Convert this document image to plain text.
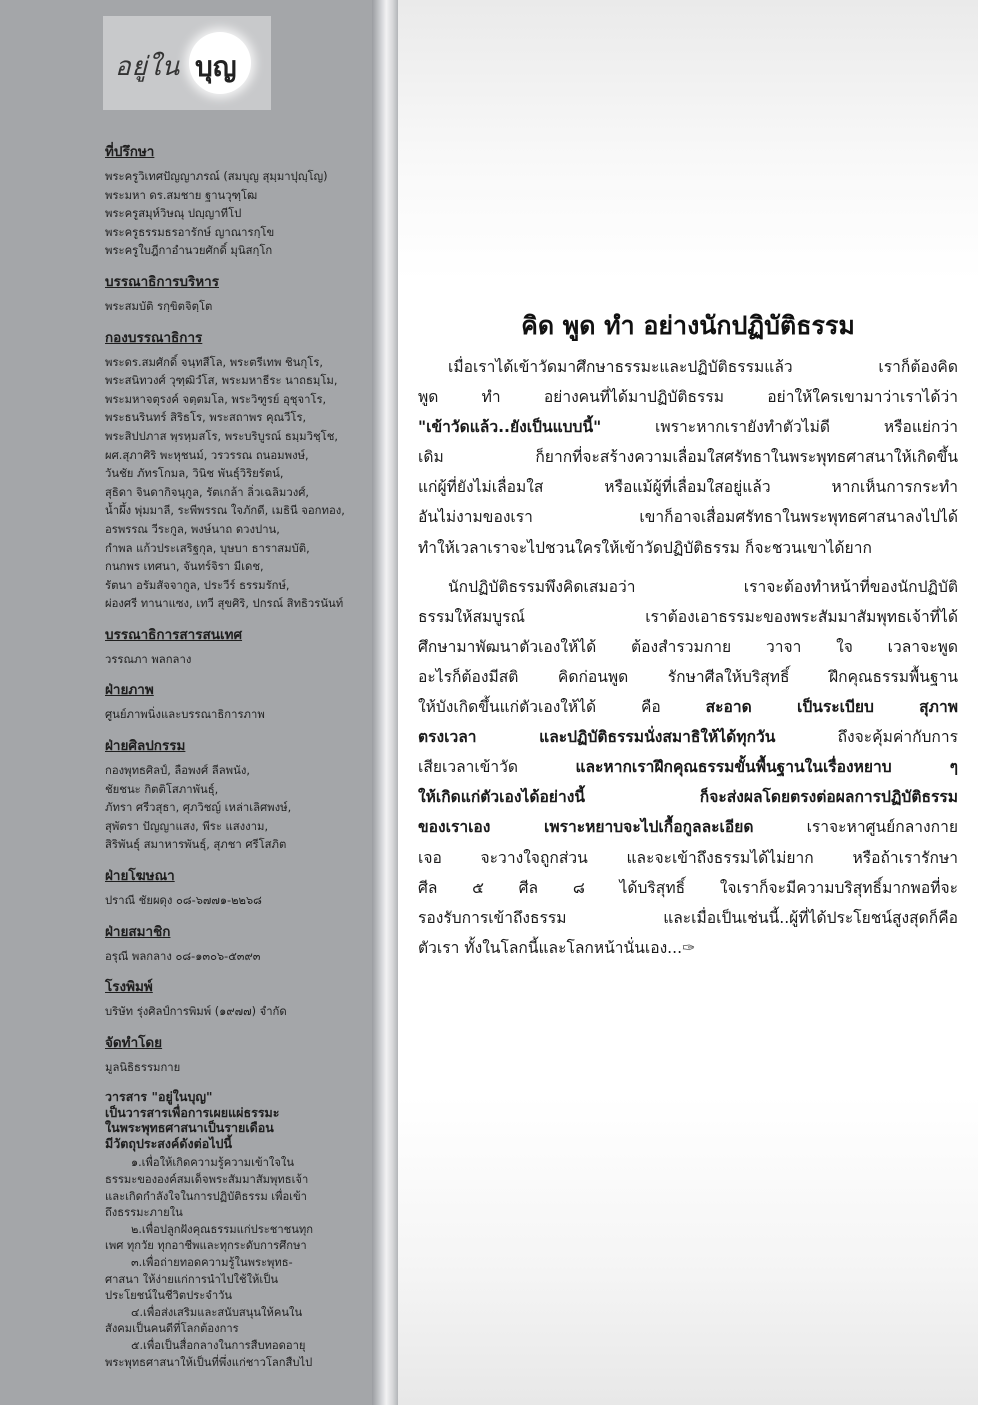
อยู่ใน บุญ
ที่ปรึกษา
พระครูวิเทศปัญญาภรณ์ (สมบุญ สุมฺมาปุญฺโญ)
พระมหา ดร.สมชาย ฐานวุฑฺโฒ
พระครูสมุห์วิษณุ ปญฺญาทีโป
พระครูธรรมธรอารักษ์ ญาณารกฺโข
พระครูใบฎีกาอำนวยศักดิ์ มุนิสกฺโก
บรรณาธิการบริหาร
พระสมบัติ รกฺขิตจิตฺโต
กองบรรณาธิการ
พระดร.สมศักดิ์ จนฺทสีโล, พระตรีเทพ ชินกุโร,
พระสนิทวงศ์ วุฑฺฒิวํโส, พระมหาธีระ นาถธมฺโม,
พระมหาจตุรงค์ จตฺตมโล, พระวิฑูรย์ อุชุจาโร,
พระธนรินทร์ สิริธโร, พระสถาพร คุณวีโร,
พระสิปปภาส พฺรหฺมสโร, พระบริบูรณ์ ธมฺมวิชฺโช,
ผศ.สุภาศิริ พะหุชนม์, วรวรรณ ถนอมพงษ์,
วันชัย ภัทรโกมล, วินิช พันธุ์วิริยรัตน์,
สุธิดา จินดากิจนุกูล, รัตเกล้า ลิ่วเฉลิมวงศ์,
น้ำผึ้ง พุ่มมาลี, ระพีพรรณ ใจภักดี, เมธินี จอกทอง,
อรพรรณ วีระกูล, พงษ์นาถ ดวงปาน,
กำพล แก้วประเสริฐกุล, บุษบา ธาราสมบัติ,
กนกพร เทศนา, จันทร์จิรา มีเดช,
รัตนา อรัมสัจจากูล, ประวีร์ ธรรมรักษ์,
ผ่องศรี ทานาแซง, เทวี สุขศิริ, ปกรณ์ สิทธิวรนันท์
บรรณาธิการสารสนเทศ
วรรณภา พลกลาง
ฝ่ายภาพ
ศูนย์ภาพนิ่งและบรรณาธิการภาพ
ฝ่ายศิลปกรรม
กองพุทธศิลป์, ลือพงศ์ ลีลพนัง,
ชัยชนะ กิตติโสภาพันธุ์,
ภัทรา ศรีวสุธา, ศุภวิชญ์ เหล่าเลิศพงษ์,
สุพัตรา ปัญญาแสง, พีระ แสงงาม,
สิริพันธุ์ สมาหารพันธุ์, สุภชา ศรีโสภิต
ฝ่ายโฆษณา
ปราณี ชัยผดุง ๐๘-๖๗๗๑-๒๒๖๘
ฝ่ายสมาชิก
อรุณี พลกลาง ๐๘-๑๓๐๖-๕๓๙๓
โรงพิมพ์
บริษัท รุ่งศิลป์การพิมพ์ (๑๙๗๗) จำกัด
จัดทำโดย
มูลนิธิธรรมกาย
วารสาร "อยู่ในบุญ"
เป็นวารสารเพื่อการเผยแผ่ธรรมะ
ในพระพุทธศาสนาเป็นรายเดือน
มีวัตถุประสงค์ดังต่อไปนี้
๑.เพื่อให้เกิดความรู้ความเข้าใจใน
ธรรมะขององค์สมเด็จพระสัมมาสัมพุทธเจ้า
และเกิดกำลังใจในการปฏิบัติธรรม เพื่อเข้า
ถึงธรรมะภายใน
๒.เพื่อปลูกฝังคุณธรรมแก่ประชาชนทุก
เพศ ทุกวัย ทุกอาชีพและทุกระดับการศึกษา
๓.เพื่อถ่ายทอดความรู้ในพระพุทธ-
ศาสนา ให้ง่ายแก่การนำไปใช้ให้เป็น
ประโยชน์ในชีวิตประจำวัน
๔.เพื่อส่งเสริมและสนับสนุนให้คนใน
สังคมเป็นคนดีที่โลกต้องการ
๕.เพื่อเป็นสื่อกลางในการสืบทอดอายุ
พระพุทธศาสนาให้เป็นที่พึ่งแก่ชาวโลกสืบไป
คิด พูด ทำ อย่างนักปฏิบัติธรรม
เมื่อเราได้เข้าวัดมาศึกษาธรรมะและปฏิบัติธรรมแล้ว เราก็ต้องคิด
พูด ทำ อย่างคนที่ได้มาปฏิบัติธรรม อย่าให้ใครเขามาว่าเราได้ว่า
"เข้าวัดแล้ว..ยังเป็นแบบนี้" เพราะหากเรายังทำตัวไม่ดี หรือแย่กว่า
เดิม ก็ยากที่จะสร้างความเลื่อมใสศรัทธาในพระพุทธศาสนาให้เกิดขึ้น
แก่ผู้ที่ยังไม่เลื่อมใส หรือแม้ผู้ที่เลื่อมใสอยู่แล้ว หากเห็นการกระทำ
อันไม่งามของเรา เขาก็อาจเสื่อมศรัทธาในพระพุทธศาสนาลงไปได้
ทำให้เวลาเราจะไปชวนใครให้เข้าวัดปฏิบัติธรรม ก็จะชวนเขาได้ยาก
นักปฏิบัติธรรมพึงคิดเสมอว่า เราจะต้องทำหน้าที่ของนักปฏิบัติ
ธรรมให้สมบูรณ์ เราต้องเอาธรรมะของพระสัมมาสัมพุทธเจ้าที่ได้
ศึกษามาพัฒนาตัวเองให้ได้ ต้องสำรวมกาย วาจา ใจ เวลาจะพูด
อะไรก็ต้องมีสติ คิดก่อนพูด รักษาศีลให้บริสุทธิ์ ฝึกคุณธรรมพื้นฐาน
ให้บังเกิดขึ้นแก่ตัวเองให้ได้ คือ สะอาด เป็นระเบียบ สุภาพ
ตรงเวลา และปฏิบัติธรรมนั่งสมาธิให้ได้ทุกวัน ถึงจะคุ้มค่ากับการ
เสียเวลาเข้าวัด และหากเราฝึกคุณธรรมขั้นพื้นฐานในเรื่องหยาบ ๆ
ให้เกิดแก่ตัวเองได้อย่างนี้ ก็จะส่งผลโดยตรงต่อผลการปฏิบัติธรรม
ของเราเอง เพราะหยาบจะไปเกื้อกูลละเอียด เราจะหาศูนย์กลางกาย
เจอ จะวางใจถูกส่วน และจะเข้าถึงธรรมได้ไม่ยาก หรือถ้าเรารักษา
ศีล ๕ ศีล ๘ ได้บริสุทธิ์ ใจเราก็จะมีความบริสุทธิ์มากพอที่จะ
รองรับการเข้าถึงธรรม และเมื่อเป็นเช่นนี้..ผู้ที่ได้ประโยชน์สูงสุดก็คือ
ตัวเรา ทั้งในโลกนี้และโลกหน้านั่นเอง...✑
